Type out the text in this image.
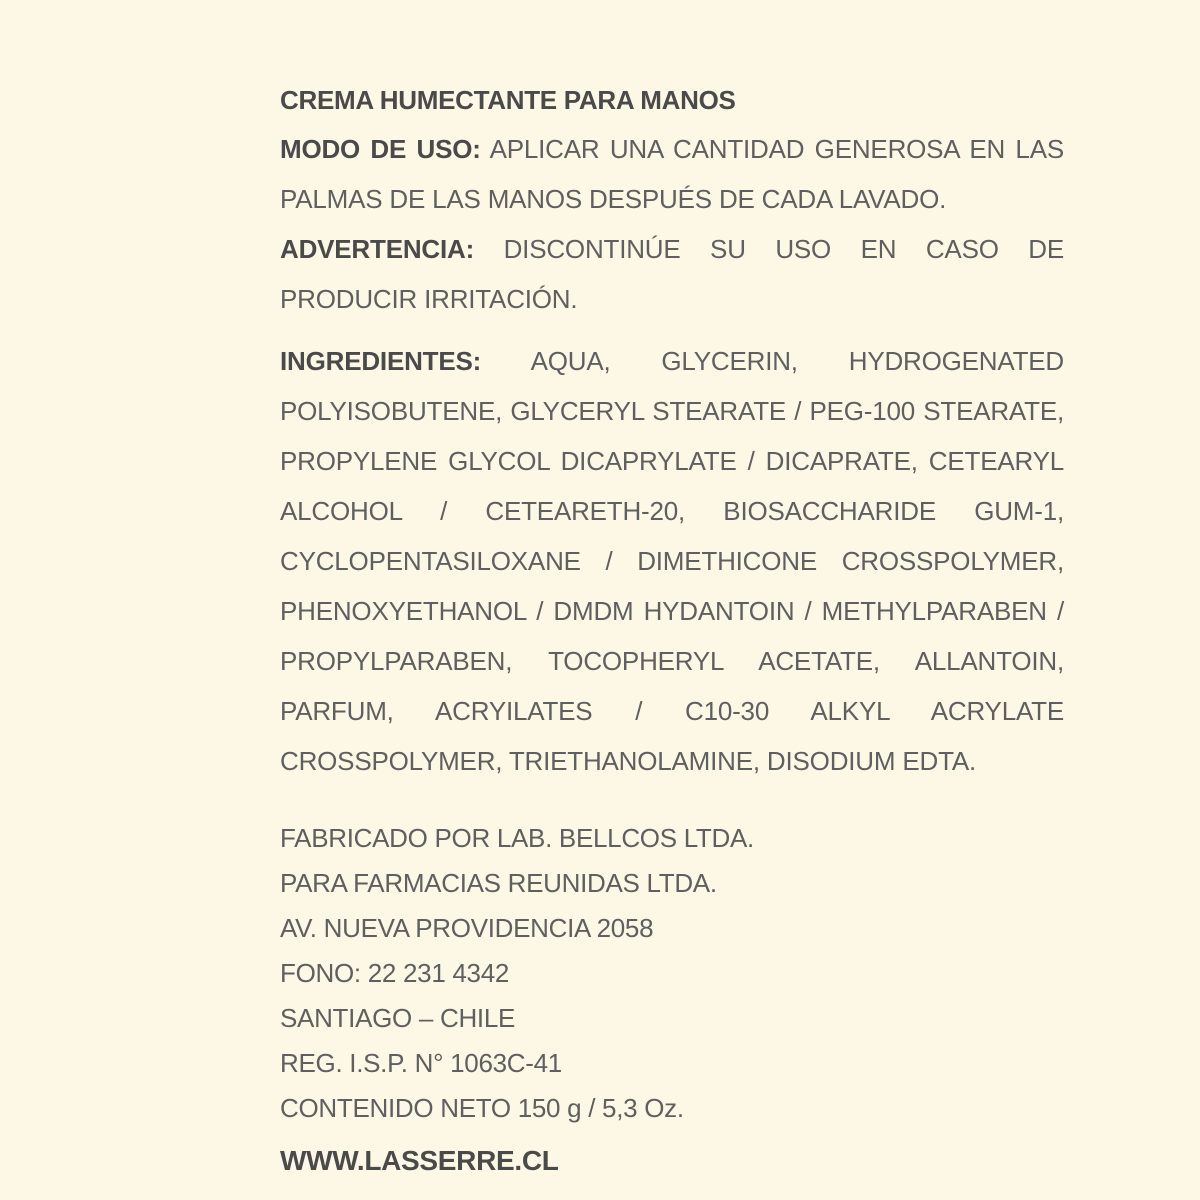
CREMA HUMECTANTE PARA MANOS

MODO DE USO: APLICAR UNA CANTIDAD GENEROSA EN LAS PALMAS DE LAS MANOS DESPUÉS DE CADA LAVADO.

ADVERTENCIA: DISCONTINÚE SU USO EN CASO DE PRODUCIR IRRITACIÓN.

INGREDIENTES: AQUA, GLYCERIN, HYDROGENATED POLYISOBUTENE, GLYCERYL STEARATE / PEG-100 STEARATE, PROPYLENE GLYCOL DICAPRYLATE / DICAPRATE, CETEARYL ALCOHOL / CETEARETH-20, BIOSACCHARIDE GUM-1, CYCLOPENTASILOXANE / DIMETHICONE CROSSPOLYMER, PHENOXYETHANOL / DMDM HYDANTOIN / METHYLPARABEN / PROPYLPARABEN, TOCOPHERYL ACETATE, ALLANTOIN, PARFUM, ACRYILATES / C10-30 ALKYL ACRYLATE CROSSPOLYMER, TRIETHANOLAMINE, DISODIUM EDTA.

FABRICADO POR LAB. BELLCOS LTDA.
PARA FARMACIAS REUNIDAS LTDA.
AV. NUEVA PROVIDENCIA 2058
FONO: 22 231 4342
SANTIAGO – CHILE
REG. I.S.P. N° 1063C-41
CONTENIDO NETO 150 g / 5,3 Oz.
WWW.LASSERRE.CL
